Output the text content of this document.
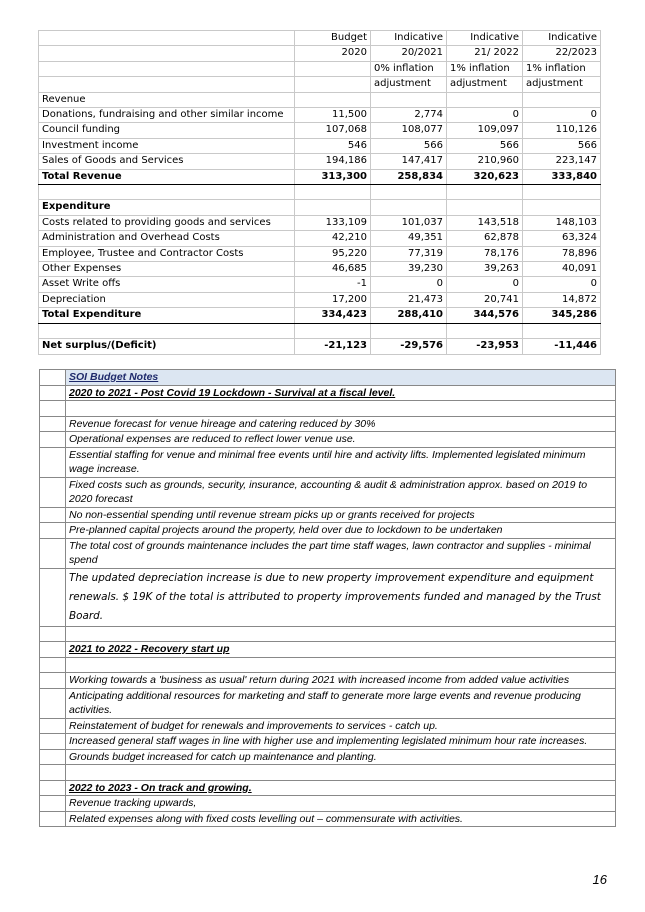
	Budget	Indicative	Indicative	Indicative
	2020	20/2021	21/ 2022	22/2023
		0% inflation	1% inflation	1% inflation
		adjustment	adjustment	adjustment
Revenue				
Donations, fundraising and other similar income	11,500	2,774	0	0
Council funding	107,068	108,077	109,097	110,126
Investment income	546	566	566	566
Sales of Goods and Services	194,186	147,417	210,960	223,147
Total Revenue	313,300	258,834	320,623	333,840

Expenditure				
Costs related to providing goods and services	133,109	101,037	143,518	148,103
Administration and Overhead Costs	42,210	49,351	62,878	63,324
Employee, Trustee and Contractor Costs	95,220	77,319	78,176	78,896
Other Expenses	46,685	39,230	39,263	40,091
Asset Write offs	-1	0	0	0
Depreciation	17,200	21,473	20,741	14,872
Total Expenditure	334,423	288,410	344,576	345,286

Net surplus/(Deficit)	-21,123	-29,576	-23,953	-11,446
	SOI Budget Notes
	2020 to 2021 - Post Covid 19 Lockdown - Survival at a fiscal level.

	Revenue forecast for venue hireage and catering reduced by 30%
	Operational expenses are reduced to reflect lower venue use.
	Essential staffing for venue and minimal free events until hire and activity lifts. Implemented legislated minimum wage increase.
	Fixed costs such as grounds, security, insurance, accounting & audit & administration approx. based on 2019 to 2020 forecast
	No non-essential spending until revenue stream picks up or grants received for projects
	Pre-planned capital projects around the property, held over due to lockdown to be undertaken
	The total cost of grounds maintenance includes the part time staff wages, lawn contractor and supplies - minimal spend
	The updated depreciation increase is due to new property improvement expenditure and equipment renewals. $ 19K of the total is attributed to property improvements funded and managed by the Trust Board.

	2021 to 2022 - Recovery start up

	Working towards a 'business as usual' return during 2021 with increased income from added value activities
	Anticipating additional resources for marketing and staff to generate more large events and revenue producing activities.
	Reinstatement of budget for renewals and improvements to services - catch up.
	Increased general staff wages in line with higher use and implementing legislated minimum hour rate increases.
	Grounds budget increased for catch up maintenance and planting.

	2022 to 2023 - On track and growing.
	Revenue tracking upwards,
	Related expenses along with fixed costs levelling out – commensurate with activities.
16
